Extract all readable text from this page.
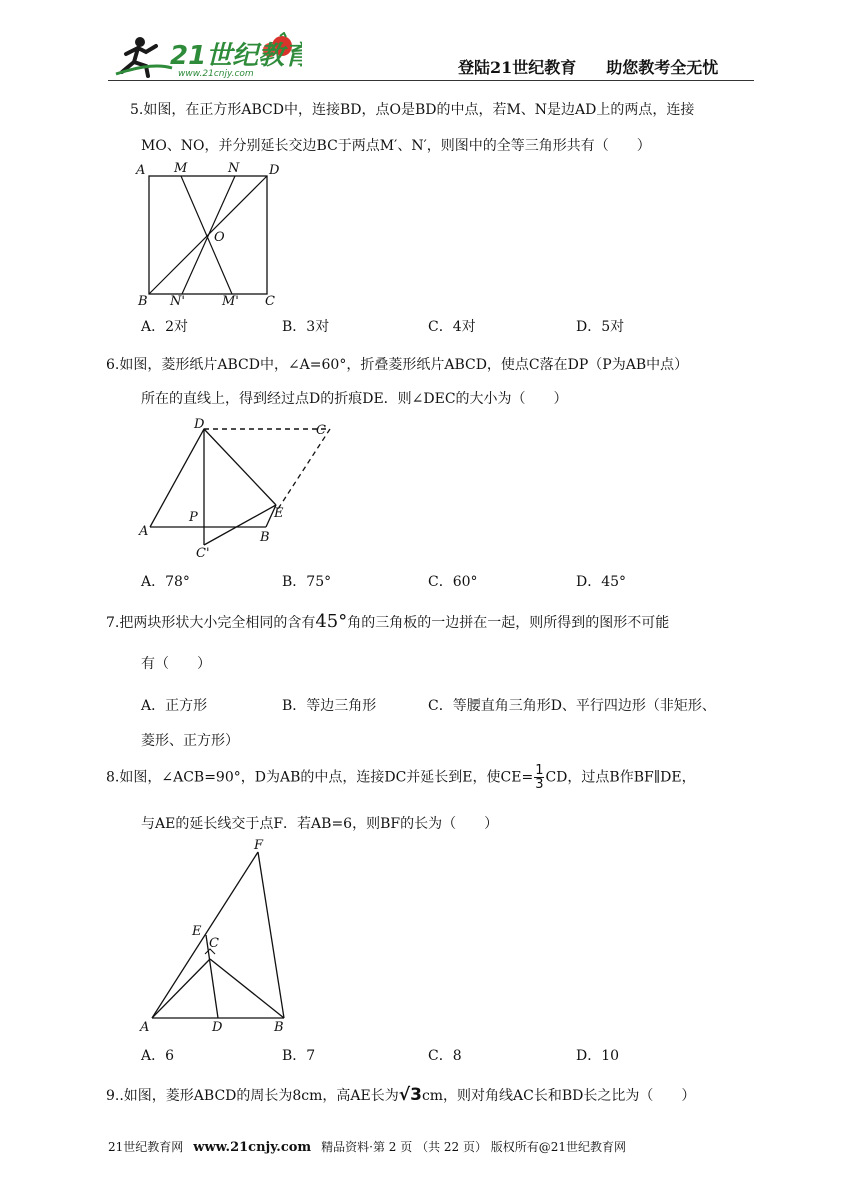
21世纪教育
www.21cnjy.com	登陆21世纪教育 助您教考全无忧
5.如图，在正方形ABCD中，连接BD，点O是BD的中点，若M、N是边AD上的两点，连接
MO、NO，并分别延长交边BC于两点M′、N′，则图中的全等三角形共有（　　）
A M	N D
O
B N'	M' C
A．2对	B．3对	C．4对	D．5对
6.如图，菱形纸片ABCD中，∠A=60°，折叠菱形纸片ABCD，使点C落在DP（P为AB中点）
所在的直线上，得到经过点D的折痕DE．则∠DEC的大小为（　　）
D	C
E
A
P
B
C'
A．78°	B．75°	C．60°	D．45°
7.把两块形状大小完全相同的含有45°角的三角板的一边拼在一起，则所得到的图形不可能
有（　　）
A．正方形	B．等边三角形	C．等腰直角三角形D、平行四边形（非矩形、
菱形、正方形）
8.如图，∠ACB=90°，D为AB的中点，连接DC并延长到E，使$CE= \frac{1}{3}$ CD，过点B作BF∥DE，
与AE的延长线交于点F．若AB=6，则BF的长为（　　）
F
E
C
A	D	B
A．6	B．7	C．8	D．10
9..如图，菱形ABCD的周长为8cm，高AE长为√3cm，则对角线AC长和BD长之比为（　　）
21世纪教育网 www.21cnjy.com 精品资料·第 2 页 （共 22 页） 版权所有@21世纪教育网
